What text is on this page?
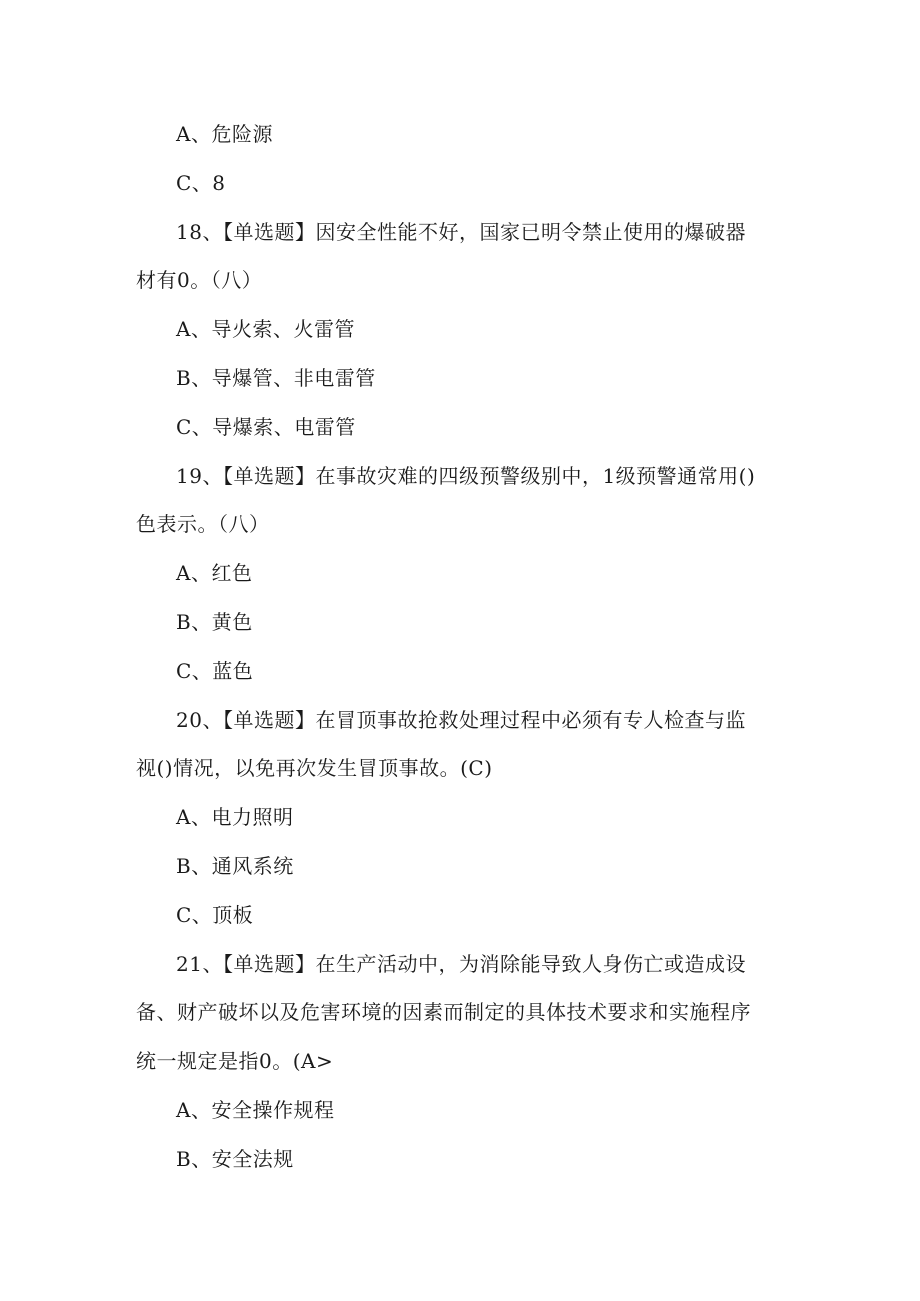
A、危险源
C、8
18、【单选题】因安全性能不好，国家已明令禁止使用的爆破器
材有0。（八）
A、导火索、火雷管
B、导爆管、非电雷管
C、导爆索、电雷管
19、【单选题】在事故灾难的四级预警级别中，1级预警通常用()
色表示。（八）
A、红色
B、黄色
C、蓝色
20、【单选题】在冒顶事故抢救处理过程中必须有专人检查与监
视()情况，以免再次发生冒顶事故。(C)
A、电力照明
B、通风系统
C、顶板
21、【单选题】在生产活动中，为消除能导致人身伤亡或造成设
备、财产破坏以及危害环境的因素而制定的具体技术要求和实施程序
统一规定是指0。(A>
A、安全操作规程
B、安全法规
